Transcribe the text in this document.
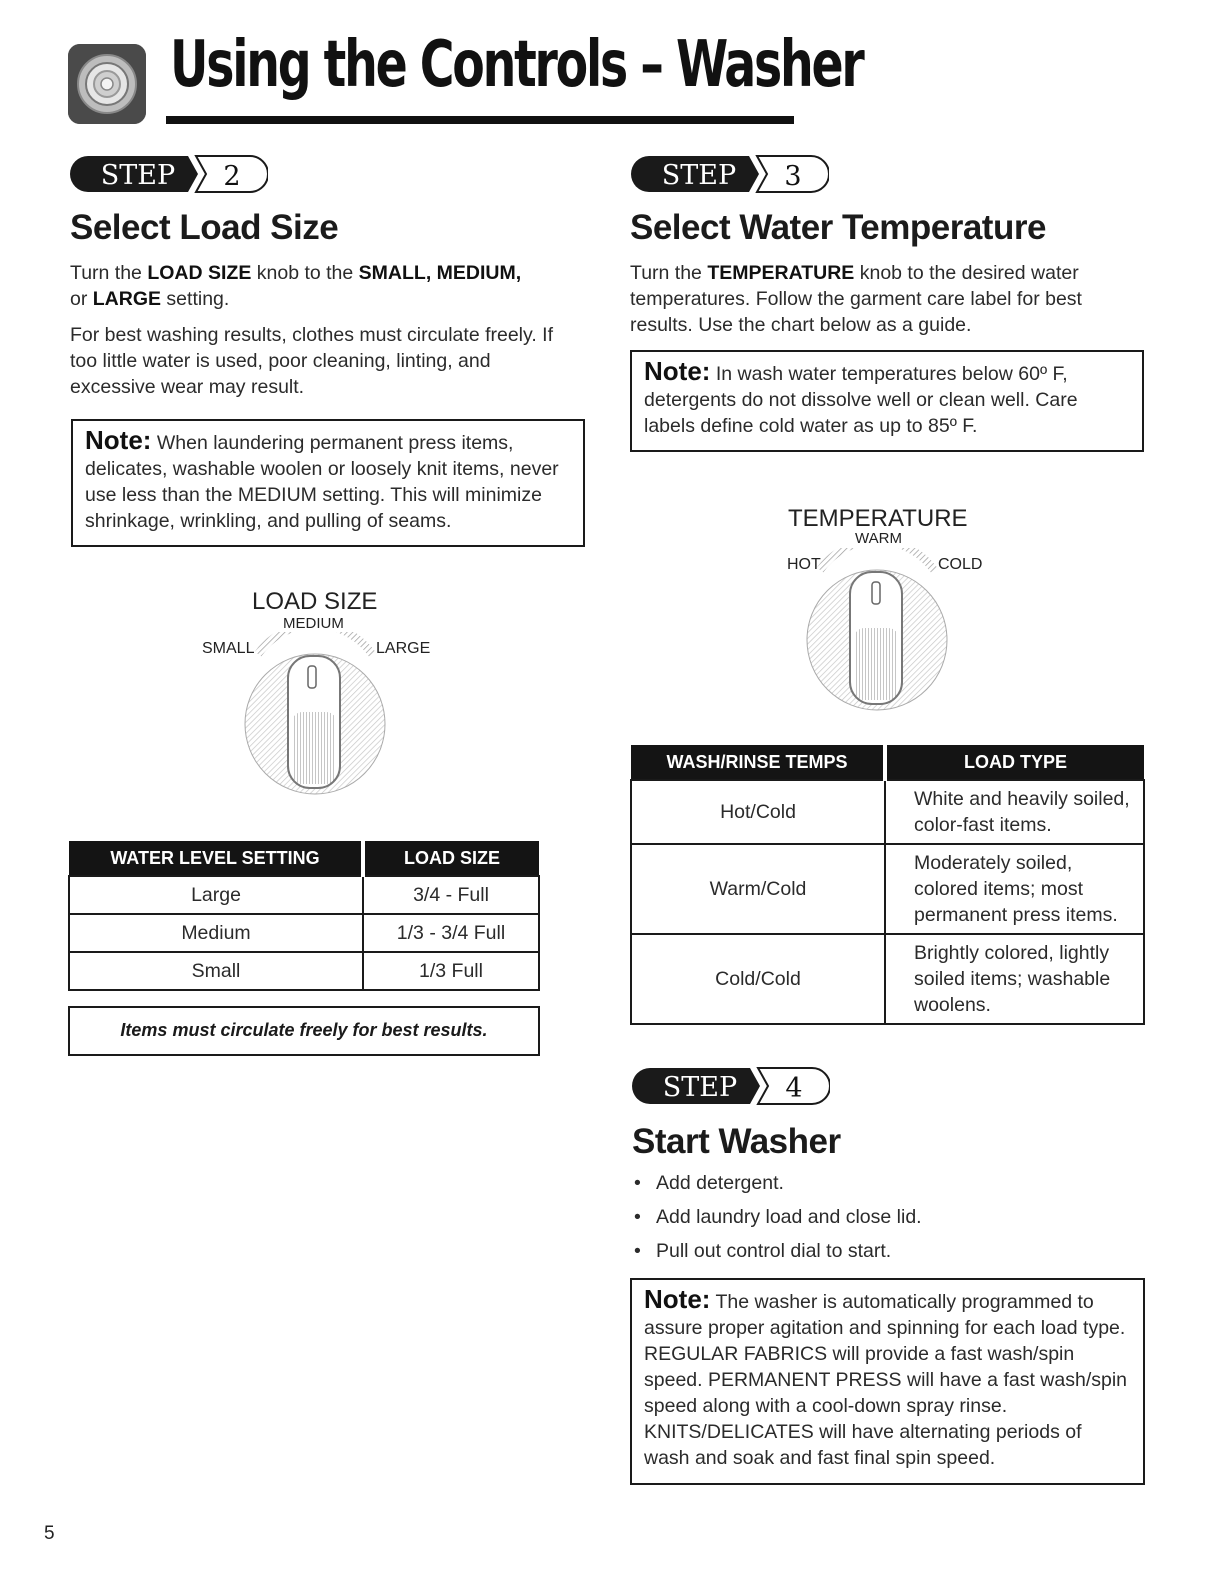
Using the Controls – Washer
STEP 2
Select Load Size
Turn the LOAD SIZE knob to the SMALL, MEDIUM,
or LARGE setting.
For best washing results, clothes must circulate freely. If too little water is used, poor cleaning, linting, and excessive wear may result.
Note: When laundering permanent press items, delicates, washable woolen or loosely knit items, never use less than the MEDIUM setting. This will minimize shrinkage, wrinkling, and pulling of seams.
LOAD SIZE
MEDIUM
SMALL	LARGE
WATER LEVEL SETTING	LOAD SIZE
Large	3/4 - Full
Medium	1/3 - 3/4 Full
Small	1/3 Full
Items must circulate freely for best results.
STEP 3
Select Water Temperature
Turn the TEMPERATURE knob to the desired water temperatures. Follow the garment care label for best results. Use the chart below as a guide.
Note: In wash water temperatures below 60º F, detergents do not dissolve well or clean well. Care labels define cold water as up to 85º F.
TEMPERATURE
WARM
HOT	COLD
WASH/RINSE TEMPS	LOAD TYPE
Hot/Cold	White and heavily soiled, color-fast items.
Warm/Cold	Moderately soiled, colored items; most permanent press items.
Cold/Cold	Brightly colored, lightly soiled items; washable woolens.
STEP 4
Start Washer
• Add detergent.
• Add laundry load and close lid.
• Pull out control dial to start.
Note: The washer is automatically programmed to assure proper agitation and spinning for each load type. REGULAR FABRICS will provide a fast wash/spin speed. PERMANENT PRESS will have a fast wash/spin speed along with a cool-down spray rinse. KNITS/DELICATES will have alternating periods of wash and soak and fast final spin speed.
5
